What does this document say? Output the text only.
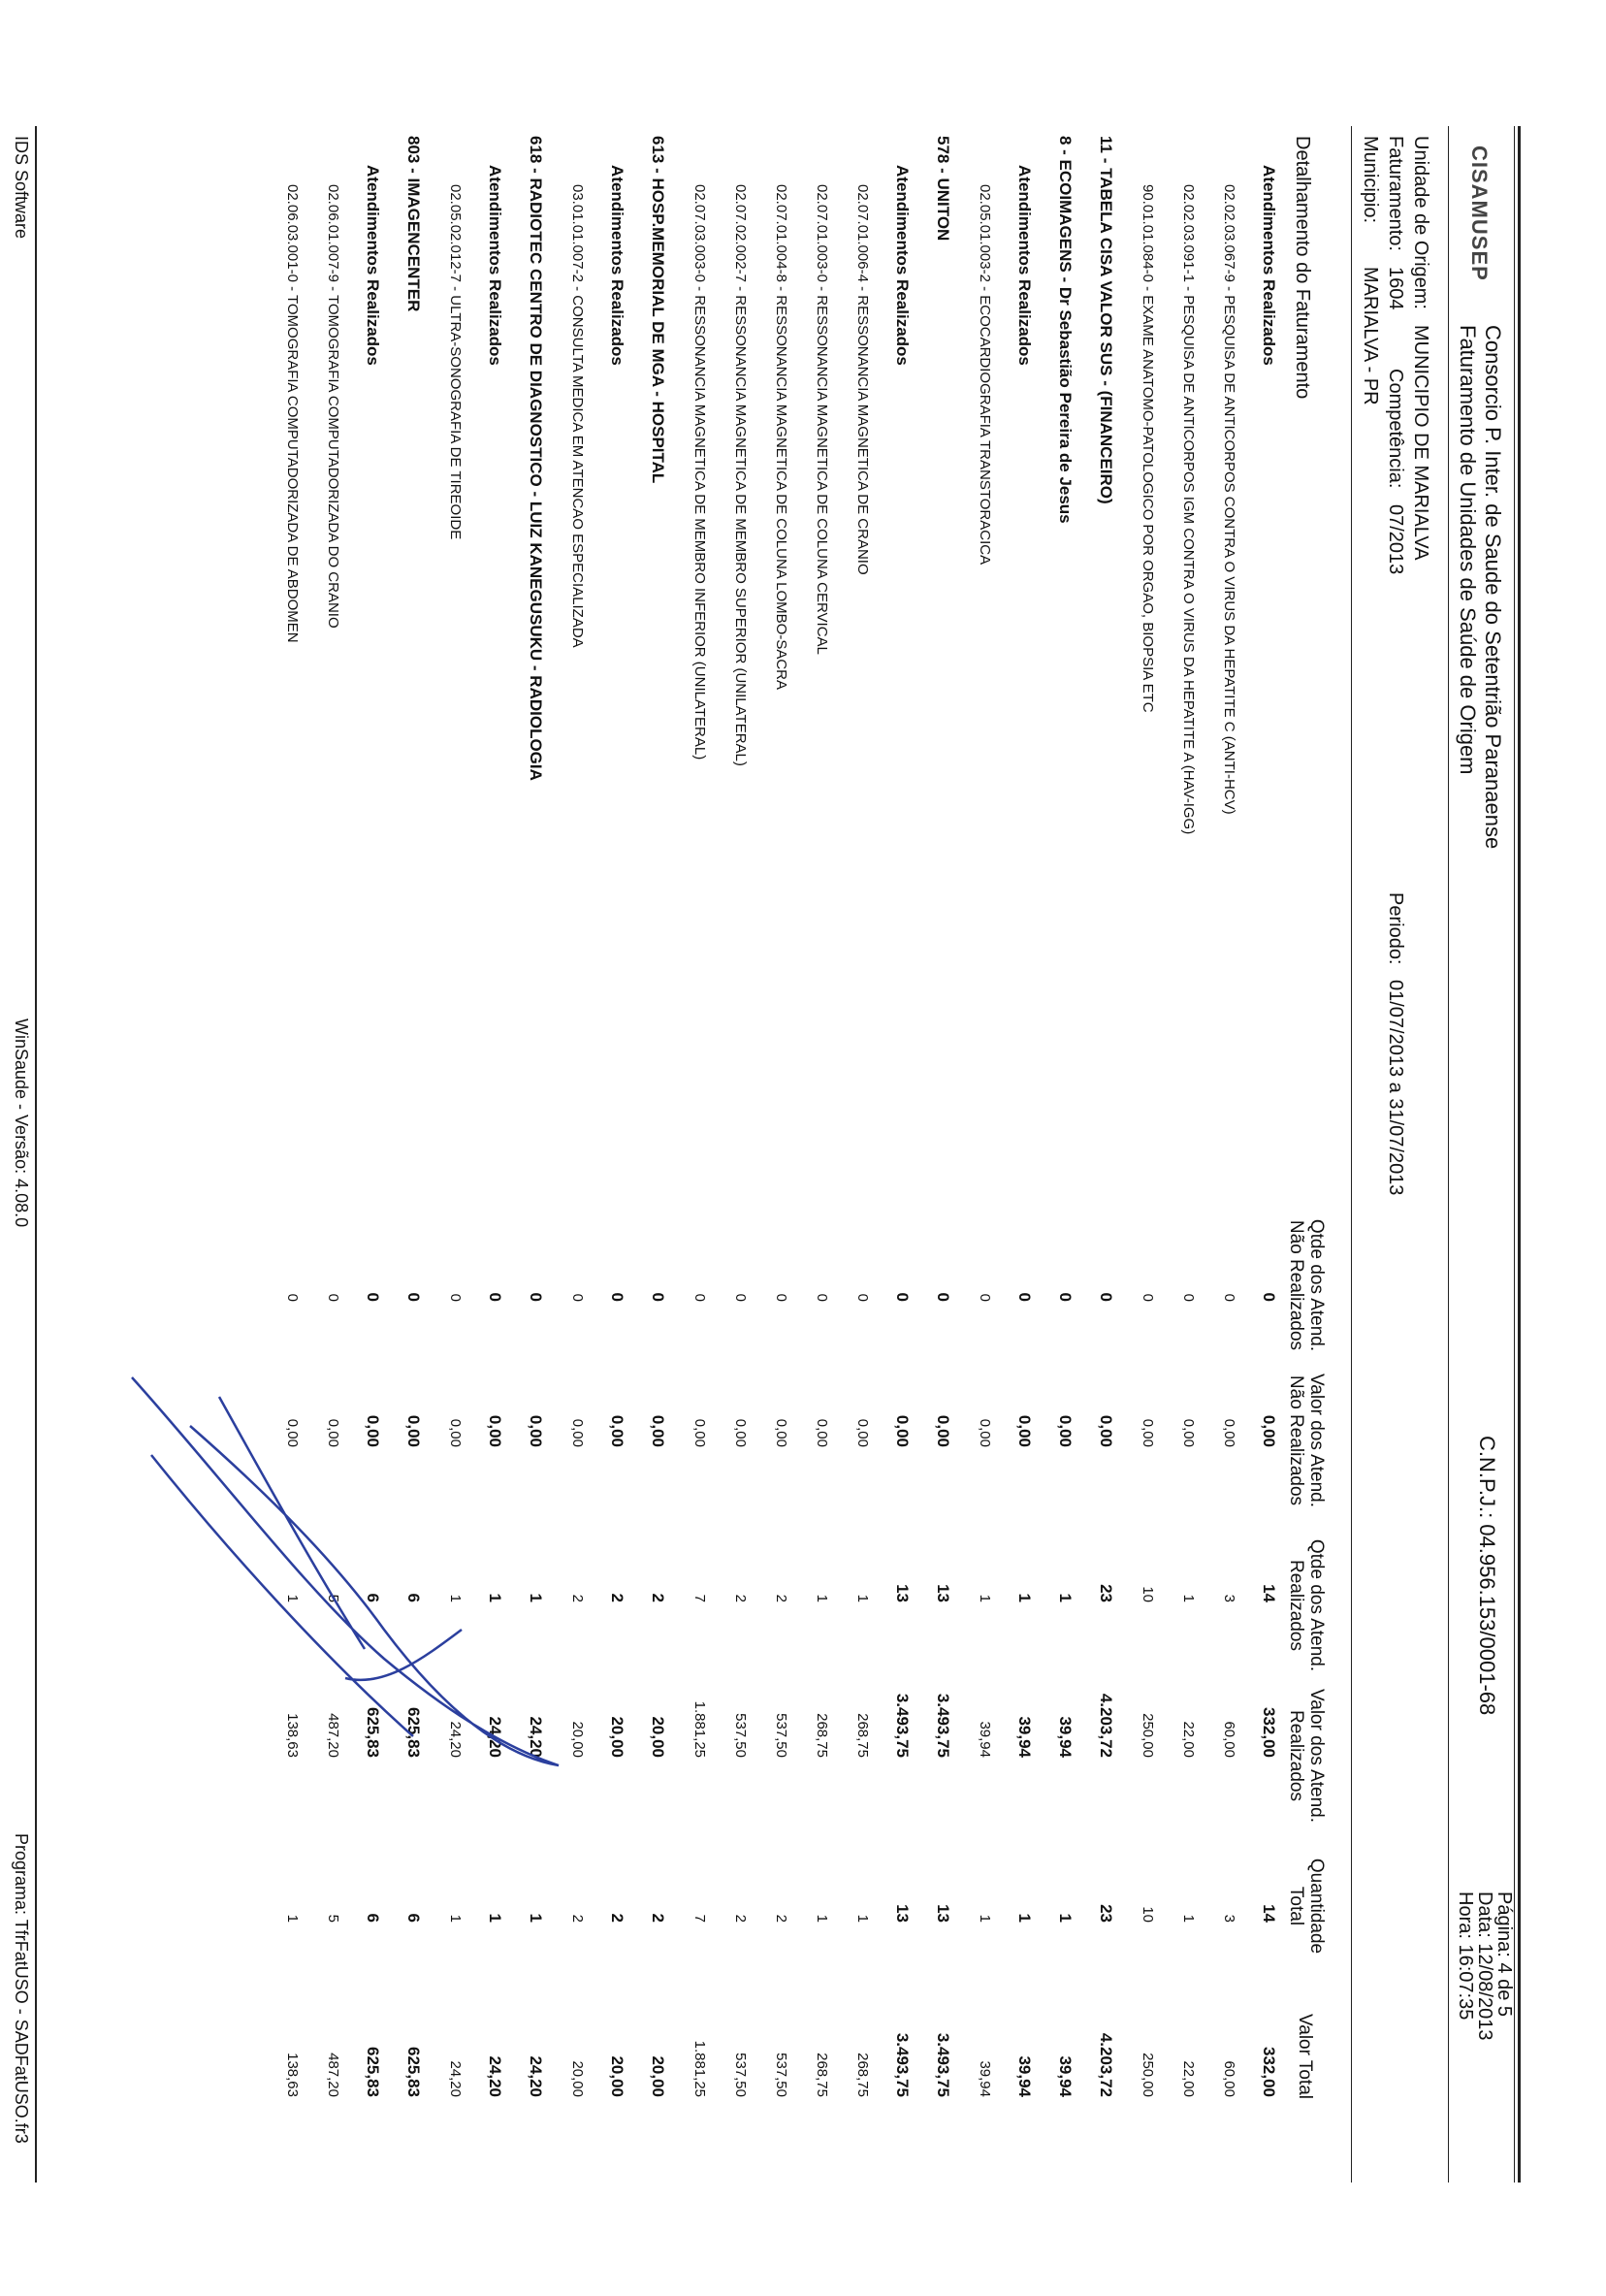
CISAMUSEP
Consorcio P. Inter. de Saude do Setentrião Paranaense
Faturamento de Unidades de Saúde de Origem
C.N.P.J.: 04.956.153/0001-68
Página: 4 de 5
Data: 12/08/2013
Hora: 16:07:35
Unidade de Origem:
MUNICIPIO DE MARIALVA
Faturamento:
1604
Competência:
07/2013
Periodo:
01/07/2013 a 31/07/2013
Municipio:
MARIALVA - PR
Detalhamento do Faturamento
Qtde dos Atend. Não Realizados
Valor dos Atend. Não Realizados
Qtde dos Atend. Realizados
Valor dos Atend. Realizados
Quantidade Total
Valor Total
Atendimentos Realizados
0
0,00
14
332,00
14
332,00
02.02.03.067-9 - PESQUISA DE ANTICORPOS CONTRA O VIRUS DA HEPATITE C (ANTI-HCV)
0
0,00
3
60,00
3
60,00
02.02.03.091-1 - PESQUISA DE ANTICORPOS IGM CONTRA O VIRUS DA HEPATITE A (HAV-IGG)
0
0,00
1
22,00
1
22,00
90.01.01.084-0 - EXAME ANATOMO-PATOLOGICO POR ORGAO, BIOPSIA ETC
0
0,00
10
250,00
10
250,00
11 - TABELA CISA VALOR SUS - (FINANCEIRO)
0
0,00
23
4.203,72
23
4.203,72
8 - ECOIMAGENS - Dr Sebastião Pereira de Jesus
0
0,00
1
39,94
1
39,94
Atendimentos Realizados
0
0,00
1
39,94
1
39,94
02.05.01.003-2 - ECOCARDIOGRAFIA TRANSTORACICA
0
0,00
1
39,94
1
39,94
578 - UNITON
0
0,00
13
3.493,75
13
3.493,75
Atendimentos Realizados
0
0,00
13
3.493,75
13
3.493,75
02.07.01.006-4 - RESSONANCIA MAGNETICA DE CRANIO
0
0,00
1
268,75
1
268,75
02.07.01.003-0 - RESSONANCIA MAGNETICA DE COLUNA CERVICAL
0
0,00
1
268,75
1
268,75
02.07.01.004-8 - RESSONANCIA MAGNETICA DE COLUNA LOMBO-SACRA
0
0,00
2
537,50
2
537,50
02.07.02.002-7 - RESSONANCIA MAGNETICA DE MEMBRO SUPERIOR (UNILATERAL)
0
0,00
2
537,50
2
537,50
02.07.03.003-0 - RESSONANCIA MAGNETICA DE MEMBRO INFERIOR (UNILATERAL)
0
0,00
7
1.881,25
7
1.881,25
613 - HOSP.MEMORIAL DE MGA - HOSPITAL
0
0,00
2
20,00
2
20,00
Atendimentos Realizados
0
0,00
2
20,00
2
20,00
03.01.01.007-2 - CONSULTA MEDICA EM ATENCAO ESPECIALIZADA
0
0,00
2
20,00
2
20,00
618 - RADIOTEC CENTRO DE DIAGNOSTICO - LUIZ KANEGUSUKU - RADIOLOGIA
0
0,00
1
24,20
1
24,20
Atendimentos Realizados
0
0,00
1
24,20
1
24,20
02.05.02.012-7 - ULTRA-SONOGRAFIA DE TIREOIDE
0
0,00
1
24,20
1
24,20
803 - IMAGENCENTER
0
0,00
6
625,83
6
625,83
Atendimentos Realizados
0
0,00
6
625,83
6
625,83
02.06.01.007-9 - TOMOGRAFIA COMPUTADORIZADA DO CRANIO
0
0,00
5
487,20
5
487,20
02.06.03.001-0 - TOMOGRAFIA COMPUTADORIZADA DE ABDOMEN
0
0,00
1
138,63
1
138,63
IDS Software
WinSaude - Versão: 4.08.0
Programa: TfrFatUSO - SADFatUSO.fr3
